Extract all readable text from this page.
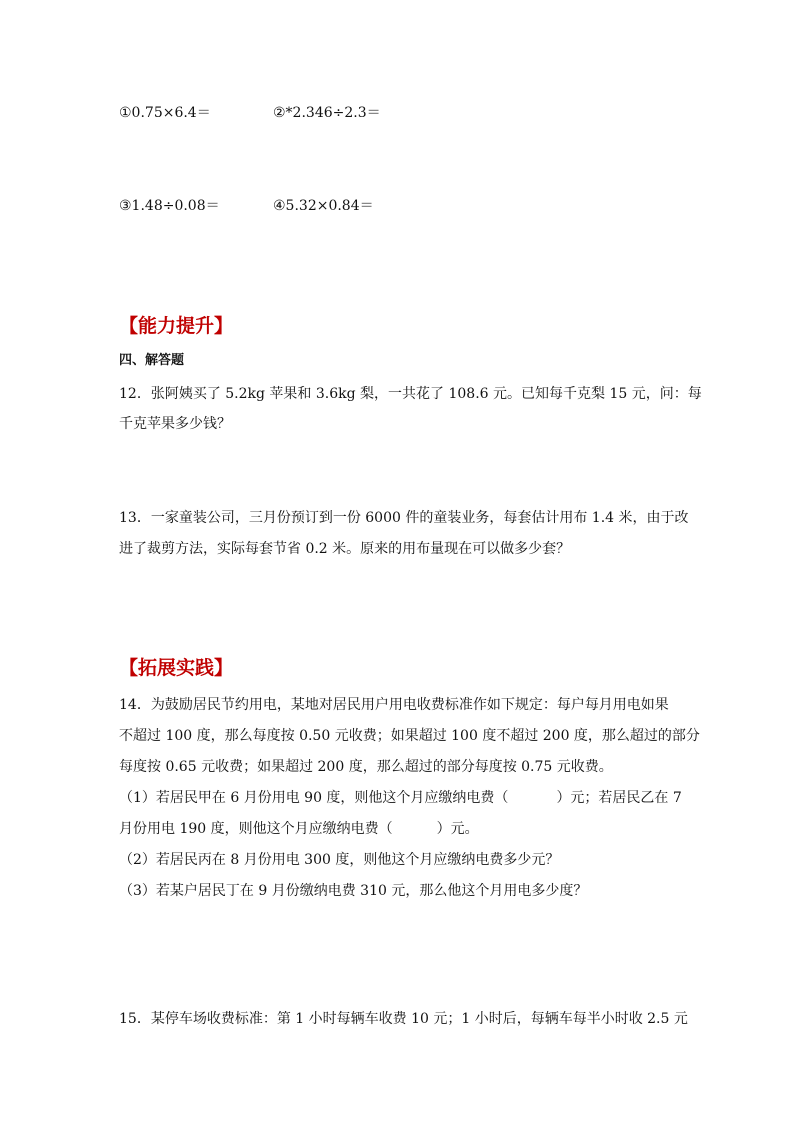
①0.75×6.4＝	②*2.346÷2.3＝
③1.48÷0.08＝	④5.32×0.84＝
【能力提升】
四、解答题
12．张阿姨买了 5.2kg 苹果和 3.6kg 梨，一共花了 108.6 元。已知每千克梨 15 元，问：每
千克苹果多少钱？
13．一家童装公司，三月份预订到一份 6000 件的童装业务，每套估计用布 1.4 米，由于改
进了裁剪方法，实际每套节省 0.2 米。原来的用布量现在可以做多少套？
【拓展实践】
14．为鼓励居民节约用电，某地对居民用户用电收费标准作如下规定：每户每月用电如果
不超过 100 度，那么每度按 0.50 元收费；如果超过 100 度不超过 200 度，那么超过的部分
每度按 0.65 元收费；如果超过 200 度，那么超过的部分每度按 0.75 元收费。
（1）若居民甲在 6 月份用电 90 度，则他这个月应缴纳电费（	）元；若居民乙在 7
月份用电 190 度，则他这个月应缴纳电费（	）元。
（2）若居民丙在 8 月份用电 300 度，则他这个月应缴纳电费多少元？
（3）若某户居民丁在 9 月份缴纳电费 310 元，那么他这个月用电多少度？
15．某停车场收费标准：第 1 小时每辆车收费 10 元；1 小时后，每辆车每半小时收 2.5 元
